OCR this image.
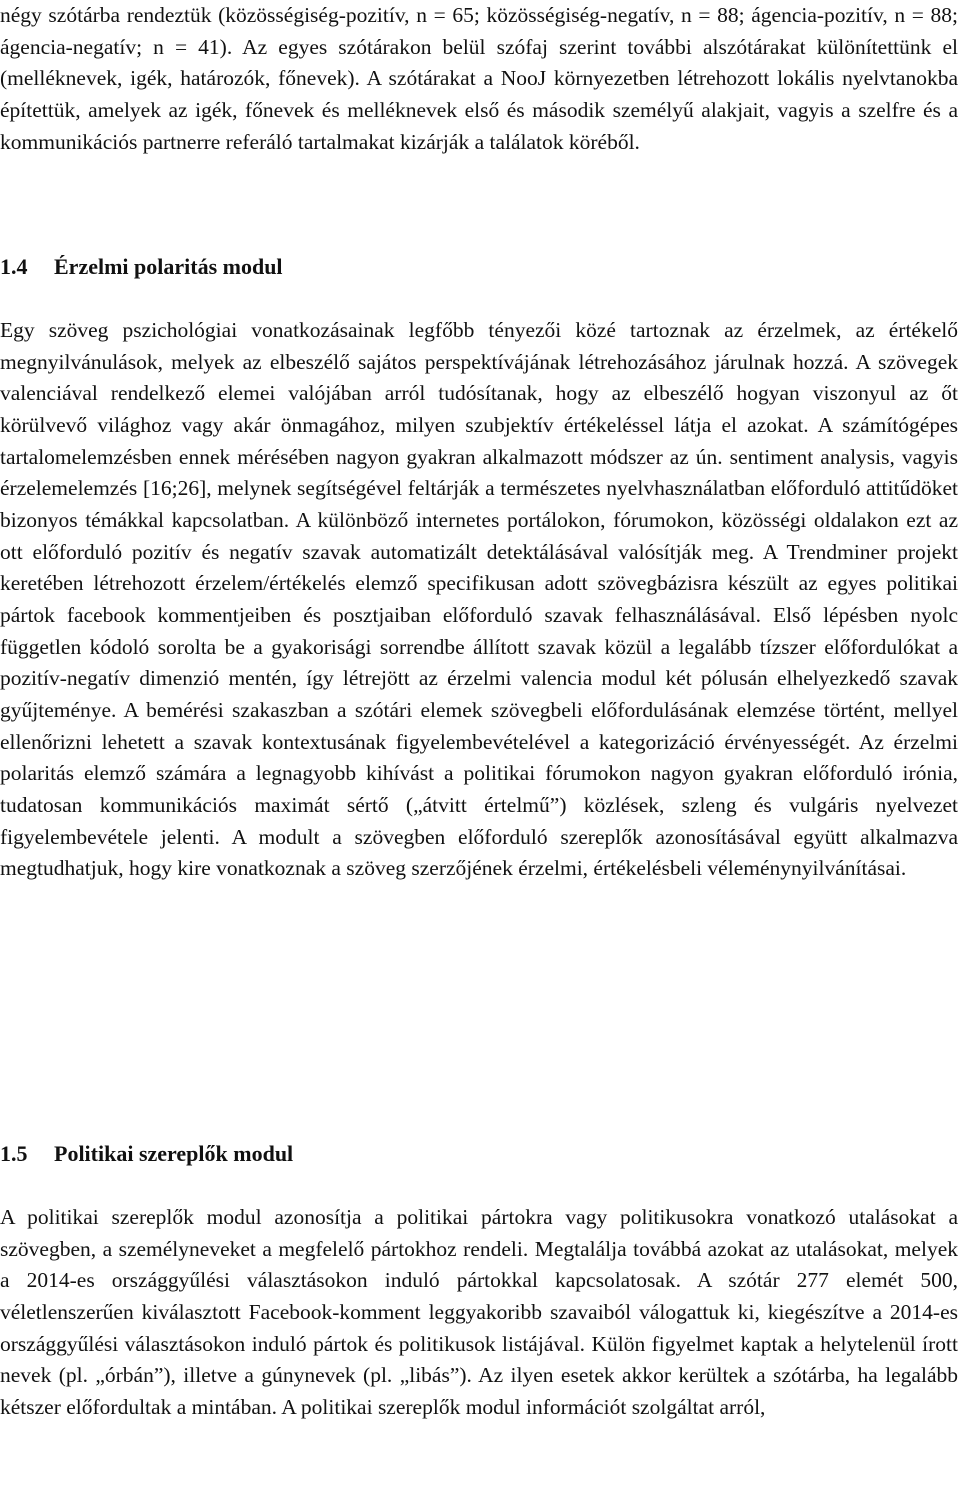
négy szótárba rendeztük (közösségiség-pozitív, n = 65; közösségiség-negatív, n = 88; ágencia-pozitív, n = 88; ágencia-negatív; n = 41). Az egyes szótárakon belül szófaj szerint további alszótárakat különítettünk el (melléknevek, igék, határozók, főnevek). A szótárakat a NooJ környezetben létrehozott lokális nyelvtanokba építettük, amelyek az igék, főnevek és melléknevek első és második személyű alakjait, vagyis a szelfre és a kommunikációs partnerre referáló tartalmakat kizárják a találatok köréből.

1.4 Érzelmi polaritás modul

Egy szöveg pszichológiai vonatkozásainak legfőbb tényezői közé tartoznak az érzelmek, az értékelő megnyilvánulások, melyek az elbeszélő sajátos perspektívájának létrehozásához járulnak hozzá. A szövegek valenciával rendelkező elemei valójában arról tudósítanak, hogy az elbeszélő hogyan viszonyul az őt körülvevő világhoz vagy akár önmagához, milyen szubjektív értékeléssel látja el azokat. A számítógépes tartalomelemzésben ennek mérésében nagyon gyakran alkalmazott módszer az ún. sentiment analysis, vagyis érzelemelemzés [16;26], melynek segítségével feltárják a természetes nyelvhasználatban előforduló attitűdöket bizonyos témákkal kapcsolatban. A különböző internetes portálokon, fórumokon, közösségi oldalakon ezt az ott előforduló pozitív és negatív szavak automatizált detektálásával valósítják meg. A Trendminer projekt keretében létrehozott érzelem/értékelés elemző specifikusan adott szövegbázisra készült az egyes politikai pártok facebook kommentjeiben és posztjaiban előforduló szavak felhasználásával. Első lépésben nyolc független kódoló sorolta be a gyakorisági sorrendbe állított szavak közül a legalább tízszer előfordulókat a pozitív-negatív dimenzió mentén, így létrejött az érzelmi valencia modul két pólusán elhelyezkedő szavak gyűjteménye. A bemérési szakaszban a szótári elemek szövegbeli előfordulásának elemzése történt, mellyel ellenőrizni lehetett a szavak kontextusának figyelembevételével a kategorizáció érvényességét. Az érzelmi polaritás elemző számára a legnagyobb kihívást a politikai fórumokon nagyon gyakran előforduló irónia, tudatosan kommunikációs maximát sértő („átvitt értelmű”) közlések, szleng és vulgáris nyelvezet figyelembevétele jelenti. A modult a szövegben előforduló szereplők azonosításával együtt alkalmazva megtudhatjuk, hogy kire vonatkoznak a szöveg szerzőjének érzelmi, értékelésbeli véleménynyilvánításai.

1.5 Politikai szereplők modul

A politikai szereplők modul azonosítja a politikai pártokra vagy politikusokra vonatkozó utalásokat a szövegben, a személyneveket a megfelelő pártokhoz rendeli. Megtalálja továbbá azokat az utalásokat, melyek a 2014-es országgyűlési választásokon induló pártokkal kapcsolatosak. A szótár 277 elemét 500, véletlenszerűen kiválasztott Facebook-komment leggyakoribb szavaiból válogattuk ki, kiegészítve a 2014-es országgyűlési választásokon induló pártok és politikusok listájával. Külön figyelmet kaptak a helytelenül írott nevek (pl. „órbán”), illetve a gúnynevek (pl. „libás”). Az ilyen esetek akkor kerültek a szótárba, ha legalább kétszer előfordultak a mintában. A politikai szereplők modul információt szolgáltat arról,
